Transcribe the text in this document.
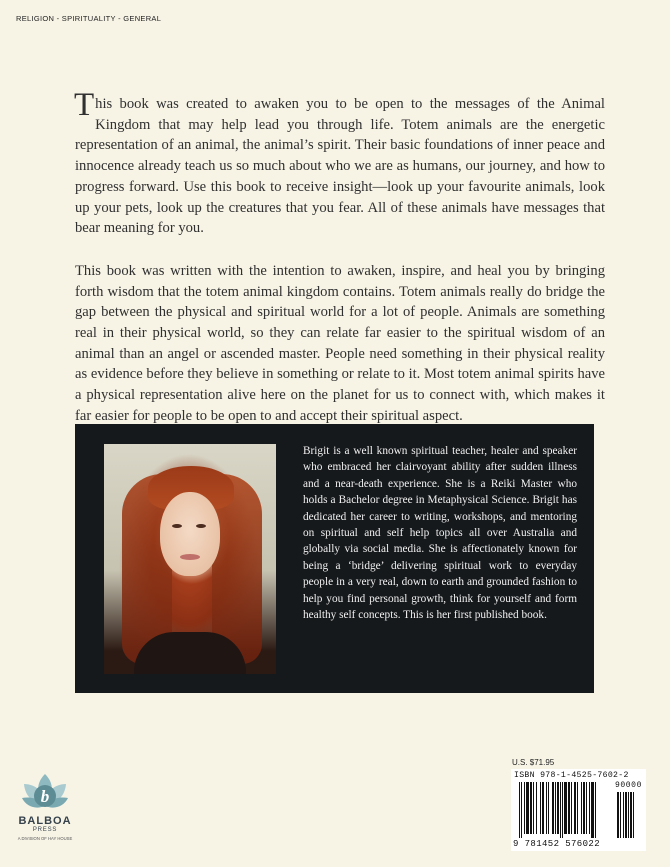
RELIGION - SPIRITUALITY - GENERAL

This book was created to awaken you to be open to the messages of the Animal Kingdom that may help lead you through life. Totem animals are the energetic representation of an animal, the animal’s spirit. Their basic foundations of inner peace and innocence already teach us so much about who we are as humans, our journey, and how to progress forward. Use this book to receive insight—look up your favourite animals, look up your pets, look up the creatures that you fear. All of these animals have messages that bear meaning for you.

This book was written with the intention to awaken, inspire, and heal you by bringing forth wisdom that the totem animal kingdom contains. Totem animals really do bridge the gap between the physical and spiritual world for a lot of people. Animals are something real in their physical world, so they can relate far easier to the spiritual wisdom of an animal than an angel or ascended master. People need something in their physical reality as evidence before they believe in something or relate to it. Most totem animal spirits have a physical representation alive here on the planet for us to connect with, which makes it far easier for people to be open to and accept their spiritual aspect.

Brigit is a well known spiritual teacher, healer and speaker who embraced her clairvoyant ability after sudden illness and a near-death experience. She is a Reiki Master who holds a Bachelor degree in Metaphysical Science. Brigit has dedicated her career to writing, workshops, and mentoring on spiritual and self help topics all over Australia and globally via social media. She is affectionately known for being a ‘bridge’ delivering spiritual work to everyday people in a very real, down to earth and grounded fashion to help you find personal growth, think for yourself and form healthy self concepts. This is her first published book.
b
BALBOA
PRESS
A DIVISION OF HAY HOUSE
U.S. $71.95
ISBN 978-1-4525-7602-2
90000
9 781452 576022
